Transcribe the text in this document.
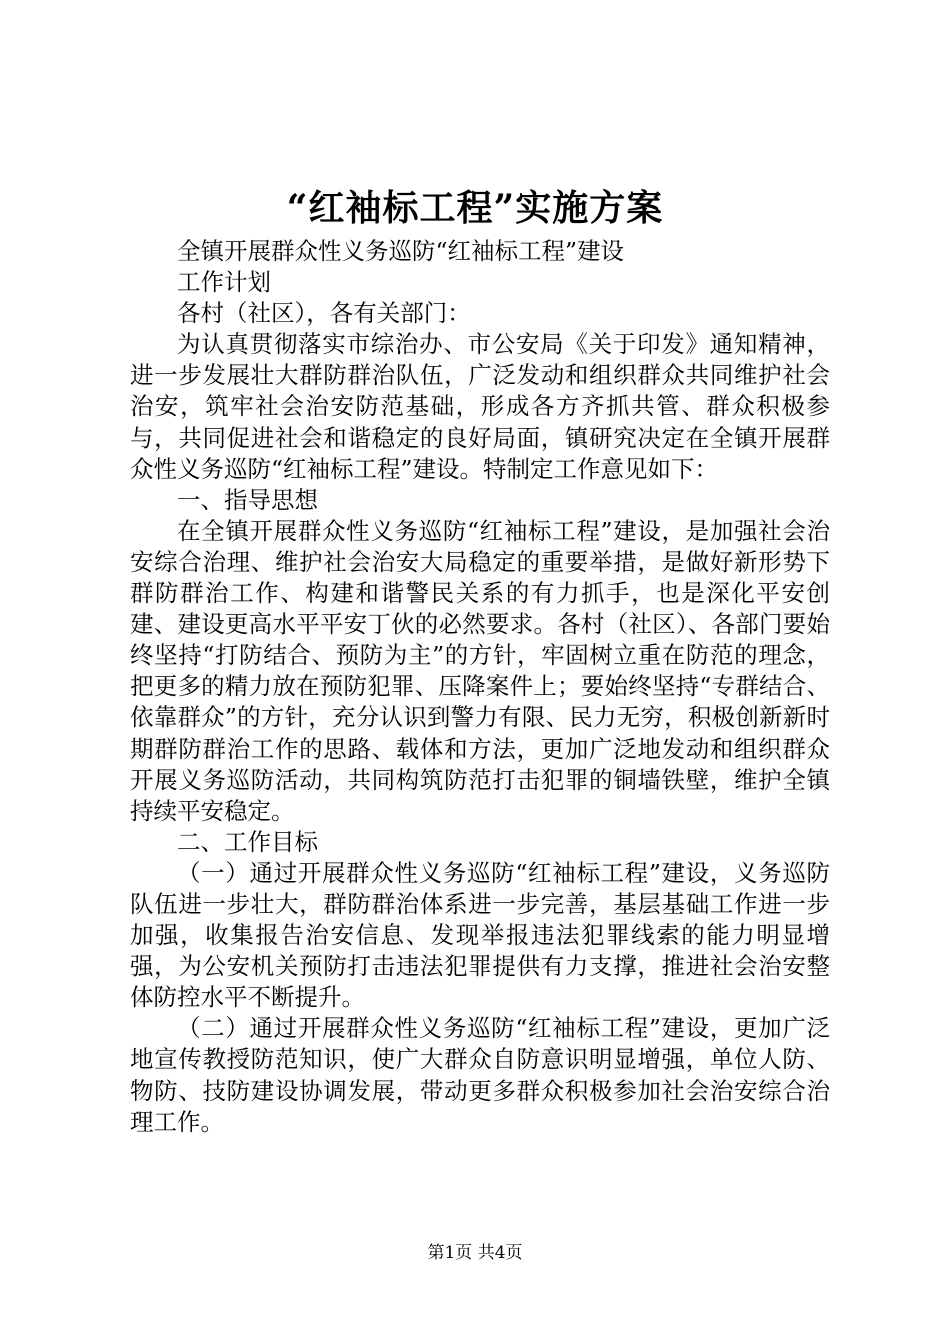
“红袖标工程”实施方案

全镇开展群众性义务巡防“红袖标工程”建设

工作计划

各村（社区），各有关部门：

为认真贯彻落实市综治办、市公安局《关于印发》通知精神，进一步发展壮大群防群治队伍，广泛发动和组织群众共同维护社会治安，筑牢社会治安防范基础，形成各方齐抓共管、群众积极参与，共同促进社会和谐稳定的良好局面，镇研究决定在全镇开展群众性义务巡防“红袖标工程”建设。特制定工作意见如下：

一、指导思想

在全镇开展群众性义务巡防“红袖标工程”建设，是加强社会治安综合治理、维护社会治安大局稳定的重要举措，是做好新形势下群防群治工作、构建和谐警民关系的有力抓手，也是深化平安创建、建设更高水平平安丁伙的必然要求。各村（社区）、各部门要始终坚持“打防结合、预防为主”的方针，牢固树立重在防范的理念，把更多的精力放在预防犯罪、压降案件上；要始终坚持“专群结合、依靠群众”的方针，充分认识到警力有限、民力无穷，积极创新新时期群防群治工作的思路、载体和方法，更加广泛地发动和组织群众开展义务巡防活动，共同构筑防范打击犯罪的铜墙铁壁，维护全镇持续平安稳定。

二、工作目标

（一）通过开展群众性义务巡防“红袖标工程”建设，义务巡防队伍进一步壮大，群防群治体系进一步完善，基层基础工作进一步加强，收集报告治安信息、发现举报违法犯罪线索的能力明显增强，为公安机关预防打击违法犯罪提供有力支撑，推进社会治安整体防控水平不断提升。

（二）通过开展群众性义务巡防“红袖标工程”建设，更加广泛地宣传教授防范知识，使广大群众自防意识明显增强，单位人防、物防、技防建设协调发展，带动更多群众积极参加社会治安综合治理工作。

第1页 共4页
